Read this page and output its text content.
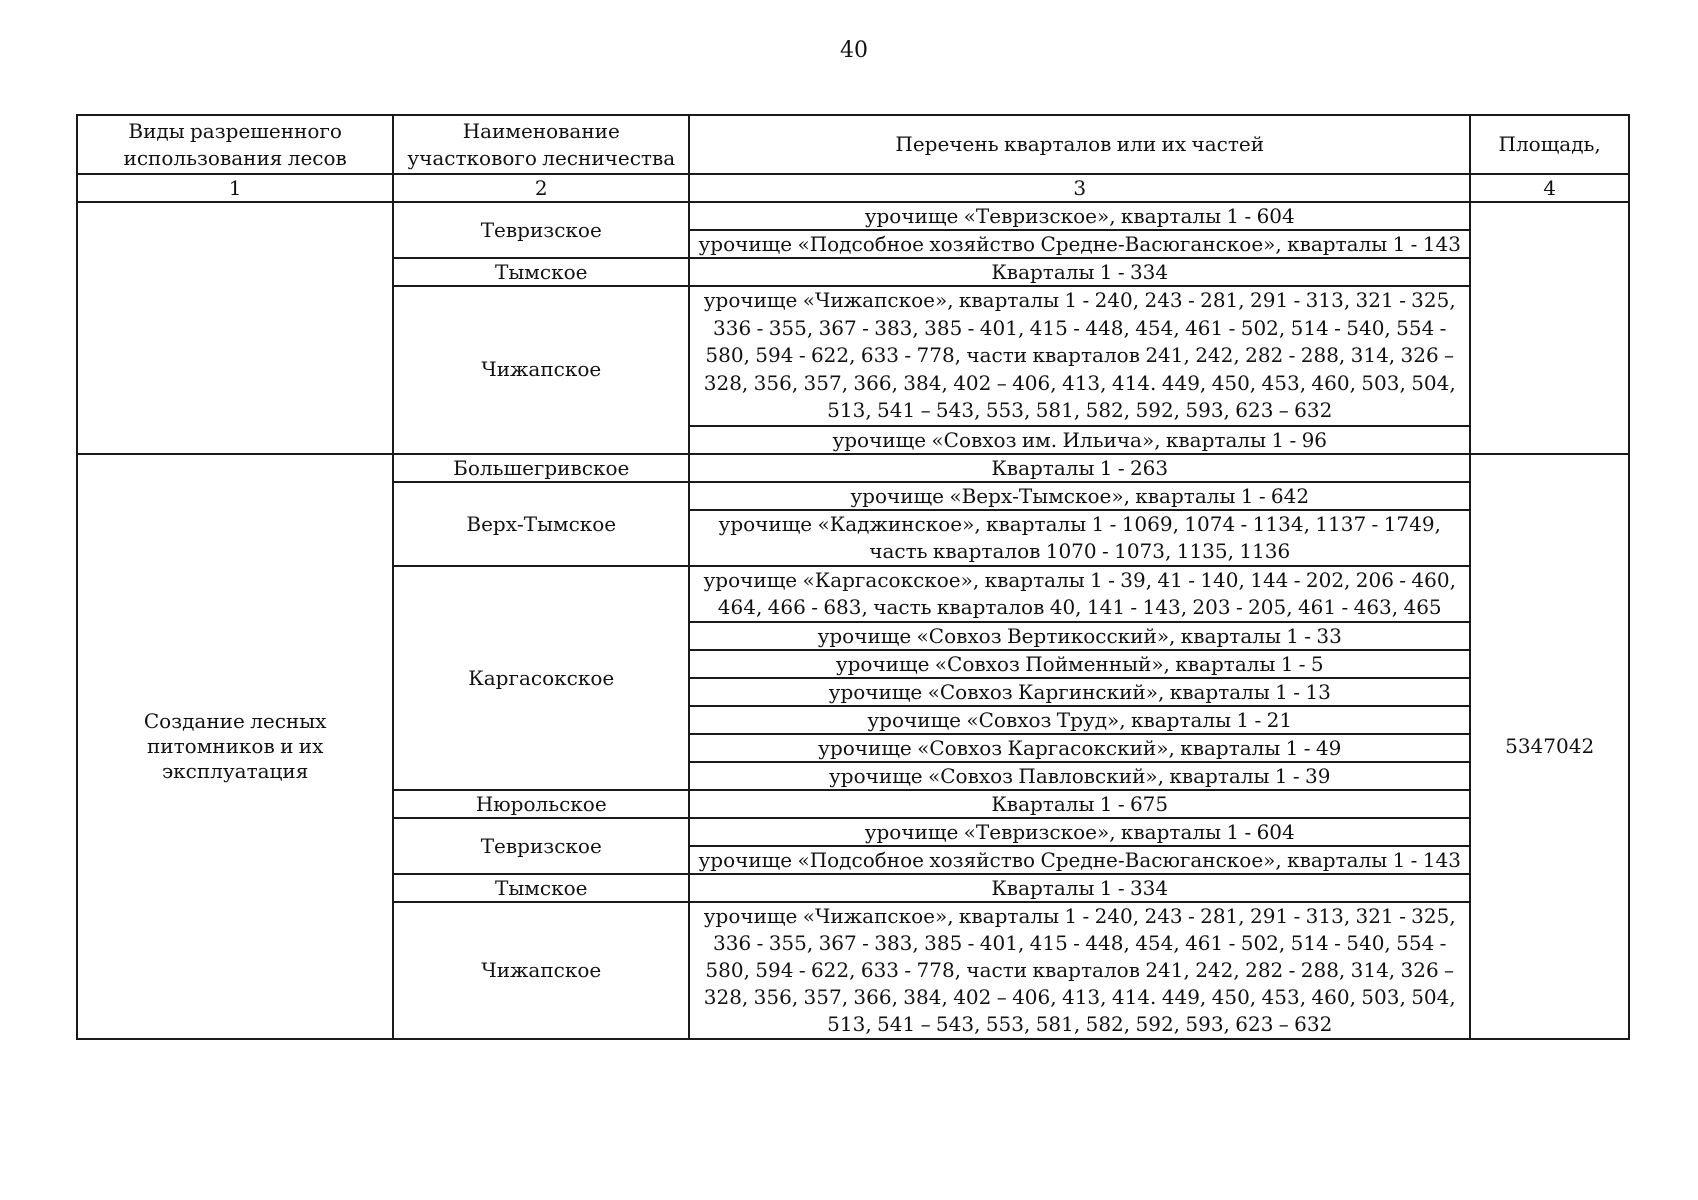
40
Виды разрешенного использования лесов	Наименование участкового лесничества	Перечень кварталов или их частей	Площадь,
1	2	3	4
	Тевризское	урочище «Тевризское», кварталы 1 - 604	
		урочище «Подсобное хозяйство Средне-Васюганское», кварталы 1 - 143	
	Тымское	Кварталы 1 - 334	
	Чижапское	урочище «Чижапское», кварталы 1 - 240, 243 - 281, 291 - 313, 321 - 325, 336 - 355, 367 - 383, 385 - 401, 415 - 448, 454, 461 - 502, 514 - 540, 554 - 580, 594 - 622, 633 - 778, части кварталов 241, 242, 282 - 288, 314, 326 – 328, 356, 357, 366, 384, 402 – 406, 413, 414. 449, 450, 453, 460, 503, 504, 513, 541 – 543, 553, 581, 582, 592, 593, 623 – 632	
		урочище «Совхоз им. Ильича», кварталы 1 - 96	

Создание лесных питомников и их эксплуатация	Большегривское	Кварталы 1 - 263	5347042
	Верх-Тымское	урочище «Верх-Тымское», кварталы 1 - 642	
		урочище «Каджинское», кварталы 1 - 1069, 1074 - 1134, 1137 - 1749, часть кварталов 1070 - 1073, 1135, 1136	
	Каргасокское	урочище «Каргасокское», кварталы 1 - 39, 41 - 140, 144 - 202, 206 - 460, 464, 466 - 683, часть кварталов 40, 141 - 143, 203 - 205, 461 - 463, 465	
		урочище «Совхоз Вертикосский», кварталы 1 - 33	
		урочище «Совхоз Пойменный», кварталы 1 - 5	
		урочище «Совхоз Каргинский», кварталы 1 - 13	
		урочище «Совхоз Труд», кварталы 1 - 21	
		урочище «Совхоз Каргасокский», кварталы 1 - 49	
		урочище «Совхоз Павловский», кварталы 1 - 39	
	Нюрольское	Кварталы 1 - 675	
	Тевризское	урочище «Тевризское», кварталы 1 - 604	
		урочище «Подсобное хозяйство Средне-Васюганское», кварталы 1 - 143	
	Тымское	Кварталы 1 - 334	
	Чижапское	урочище «Чижапское», кварталы 1 - 240, 243 - 281, 291 - 313, 321 - 325, 336 - 355, 367 - 383, 385 - 401, 415 - 448, 454, 461 - 502, 514 - 540, 554 - 580, 594 - 622, 633 - 778, части кварталов 241, 242, 282 - 288, 314, 326 – 328, 356, 357, 366, 384, 402 – 406, 413, 414. 449, 450, 453, 460, 503, 504, 513, 541 – 543, 553, 581, 582, 592, 593, 623 – 632	
